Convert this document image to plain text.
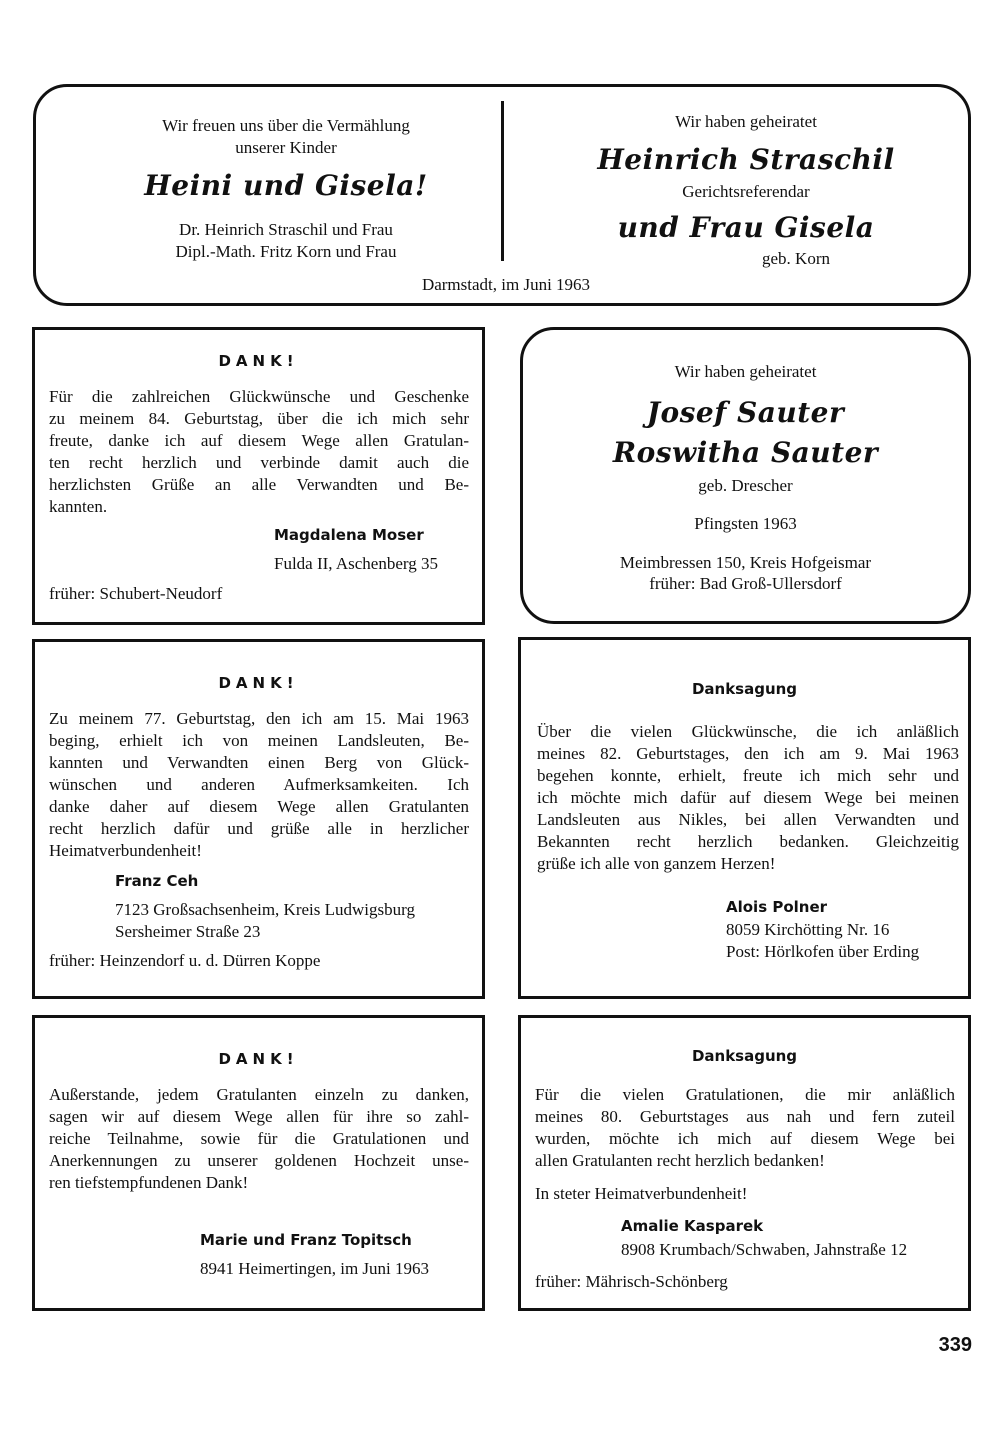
Wir freuen uns über die Vermählung
unserer Kinder
Heini und Gisela!
Dr. Heinrich Straschil und Frau
Dipl.-Math. Fritz Korn und Frau
Wir haben geheiratet
Heinrich Straschil
Gerichtsreferendar
und Frau Gisela
geb. Korn
Darmstadt, im Juni 1963
DANK!
Für die zahlreichen Glückwünsche und Geschenke
zu meinem 84. Geburtstag, über die ich mich sehr
freute, danke ich auf diesem Wege allen Gratulan-
ten recht herzlich und verbinde damit auch die
herzlichsten Grüße an alle Verwandten und Be-
kannten.
Magdalena Moser
Fulda II, Aschenberg 35
früher: Schubert-Neudorf
Wir haben geheiratet
Josef Sauter
Roswitha Sauter
geb. Drescher
Pfingsten 1963
Meimbressen 150, Kreis Hofgeismar
früher: Bad Groß-Ullersdorf
DANK!
Zu meinem 77. Geburtstag, den ich am 15. Mai 1963
beging, erhielt ich von meinen Landsleuten, Be-
kannten und Verwandten einen Berg von Glück-
wünschen und anderen Aufmerksamkeiten. Ich
danke daher auf diesem Wege allen Gratulanten
recht herzlich dafür und grüße alle in herzlicher
Heimatverbundenheit!
Franz Ceh
7123 Großsachsenheim, Kreis Ludwigsburg
Sersheimer Straße 23
früher: Heinzendorf u. d. Dürren Koppe
Danksagung
Über die vielen Glückwünsche, die ich anläßlich
meines 82. Geburtstages, den ich am 9. Mai 1963
begehen konnte, erhielt, freute ich mich sehr und
ich möchte mich dafür auf diesem Wege bei meinen
Landsleuten aus Nikles, bei allen Verwandten und
Bekannten recht herzlich bedanken. Gleichzeitig
grüße ich alle von ganzem Herzen!
Alois Polner
8059 Kirchötting Nr. 16
Post: Hörlkofen über Erding
DANK!
Außerstande, jedem Gratulanten einzeln zu danken,
sagen wir auf diesem Wege allen für ihre so zahl-
reiche Teilnahme, sowie für die Gratulationen und
Anerkennungen zu unserer goldenen Hochzeit unse-
ren tiefstempfundenen Dank!
Marie und Franz Topitsch
8941 Heimertingen, im Juni 1963
Danksagung
Für die vielen Gratulationen, die mir anläßlich
meines 80. Geburtstages aus nah und fern zuteil
wurden, möchte ich mich auf diesem Wege bei
allen Gratulanten recht herzlich bedanken!
In steter Heimatverbundenheit!
Amalie Kasparek
8908 Krumbach/Schwaben, Jahnstraße 12
früher: Mährisch-Schönberg
339
